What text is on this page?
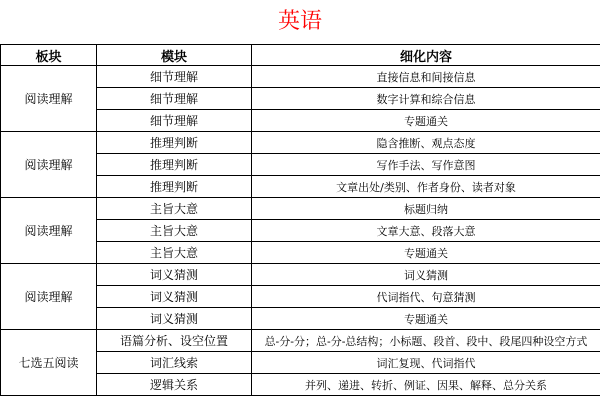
英语
板块	模块	细化内容
阅读理解	细节理解	直接信息和间接信息
	细节理解	数字计算和综合信息
	细节理解	专题通关
阅读理解	推理判断	隐含推断、观点态度
	推理判断	写作手法、写作意图
	推理判断	文章出处/类别、作者身份、读者对象
阅读理解	主旨大意	标题归纳
	主旨大意	文章大意、段落大意
	主旨大意	专题通关
阅读理解	词义猜测	词义猜测
	词义猜测	代词指代、句意猜测
	词义猜测	专题通关
七选五阅读	语篇分析、设空位置	总-分-分；总-分-总结构；小标题、段首、段中、段尾四种设空方式
	词汇线索	词汇复现、代词指代
	逻辑关系	并列、递进、转折、例证、因果、解释、总分关系
